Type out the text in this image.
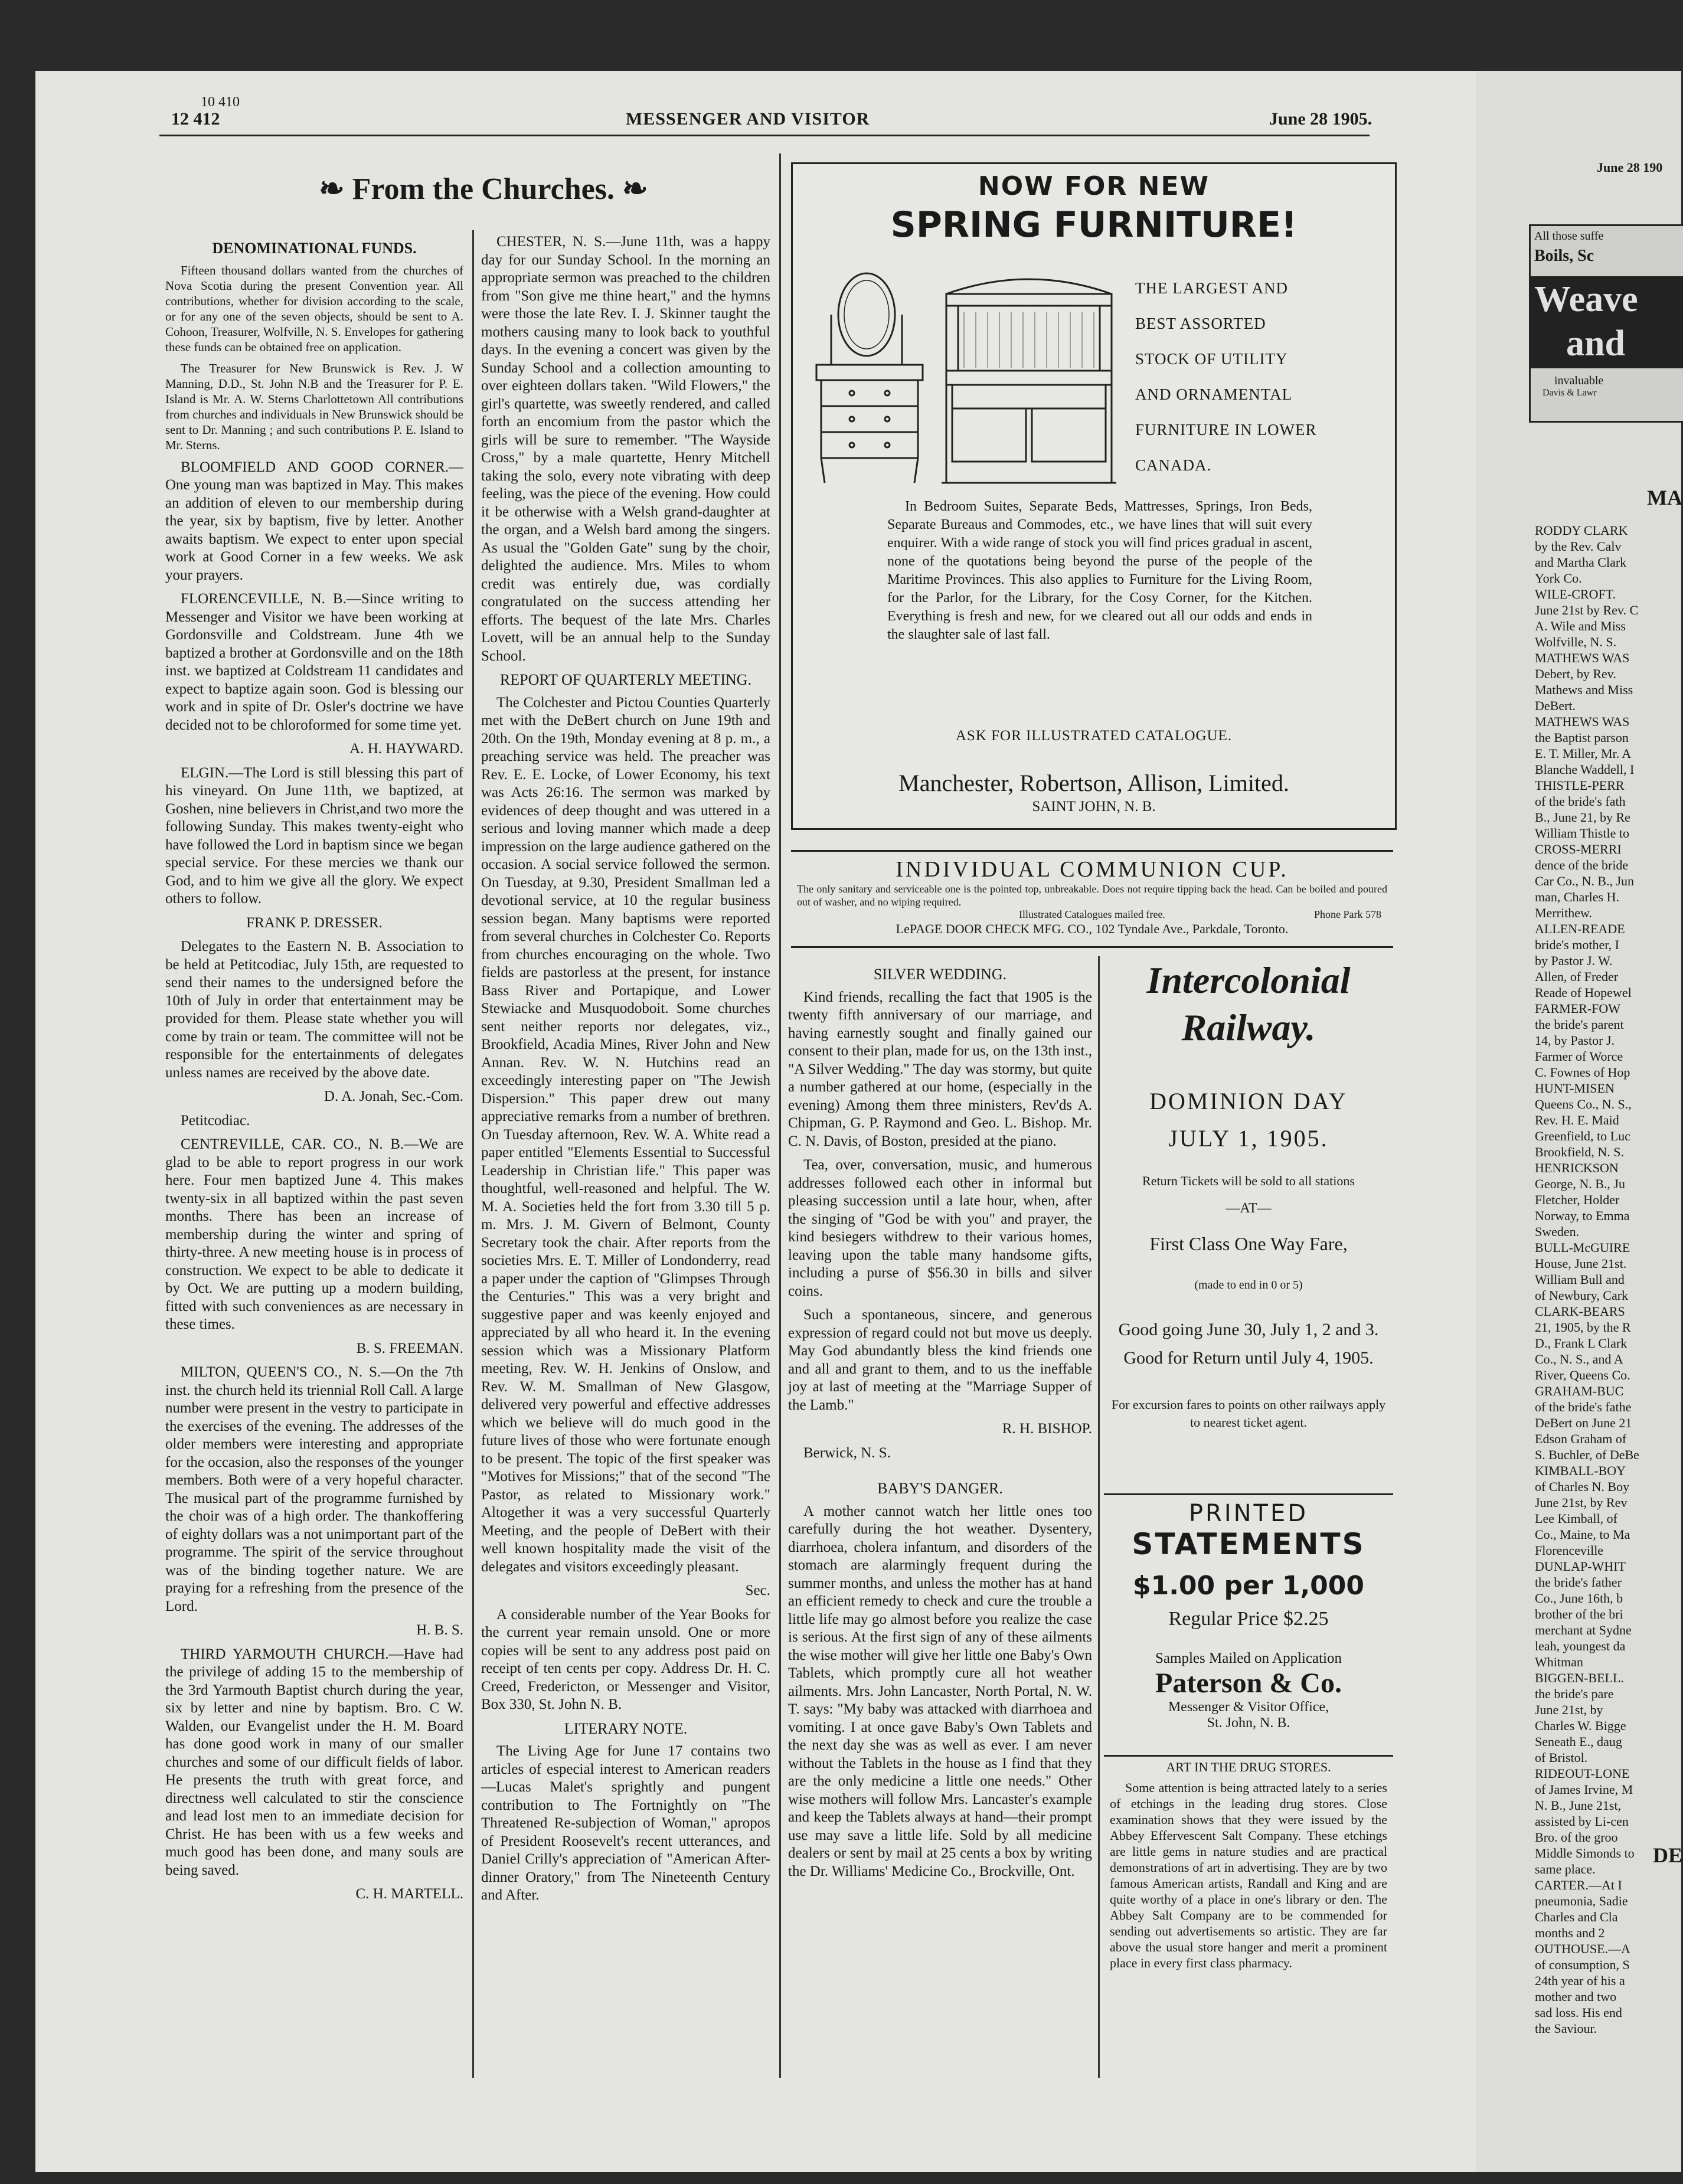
10 410
12 412	MESSENGER AND VISITOR	June 28 1905.
❧ From the Churches. ❧
DENOMINATIONAL FUNDS.

Fifteen thousand dollars wanted from the churches of Nova Scotia during the present Convention year. All contributions, whether for division according to the scale, or for any one of the seven objects, should be sent to A. Cohoon, Treasurer, Wolfville, N. S. Envelopes for gathering these funds can be obtained free on application.

The Treasurer for New Brunswick is Rev. J. W Manning, D.D., St. John N.B and the Treasurer for P. E. Island is Mr. A. W. Sterns Charlottetown All contributions from churches and individuals in New Brunswick should be sent to Dr. Manning ; and such contributions P. E. Island to Mr. Sterns.

BLOOMFIELD AND GOOD CORNER.—One young man was baptized in May. This makes an addition of eleven to our membership during the year, six by baptism, five by letter. Another awaits baptism. We expect to enter upon special work at Good Corner in a few weeks. We ask your prayers.

FLORENCEVILLE, N. B.—Since writing to Messenger and Visitor we have been working at Gordonsville and Coldstream. June 4th we baptized a brother at Gordonsville and on the 18th inst. we baptized at Coldstream 11 candidates and expect to baptize again soon. God is blessing our work and in spite of Dr. Osler's doctrine we have decided not to be chloroformed for some time yet.

A. H. HAYWARD.

ELGIN.—The Lord is still blessing this part of his vineyard. On June 11th, we baptized, at Goshen, nine believers in Christ,and two more the following Sunday. This makes twenty-eight who have followed the Lord in baptism since we began special service. For these mercies we thank our God, and to him we give all the glory. We expect others to follow.

FRANK P. DRESSER.

Delegates to the Eastern N. B. Association to be held at Petitcodiac, July 15th, are requested to send their names to the undersigned before the 10th of July in order that entertainment may be provided for them. Please state whether you will come by train or team. The committee will not be responsible for the entertainments of delegates unless names are received by the above date.

D. A. Jonah, Sec.-Com.

Petitcodiac.

CENTREVILLE, CAR. CO., N. B.—We are glad to be able to report progress in our work here. Four men baptized June 4. This makes twenty-six in all baptized within the past seven months. There has been an increase of membership during the winter and spring of thirty-three. A new meeting house is in process of construction. We expect to be able to dedicate it by Oct. We are putting up a modern building, fitted with such conveniences as are necessary in these times.

B. S. FREEMAN.

MILTON, QUEEN'S CO., N. S.—On the 7th inst. the church held its triennial Roll Call. A large number were present in the vestry to participate in the exercises of the evening. The addresses of the older members were interesting and appropriate for the occasion, also the responses of the younger members. Both were of a very hopeful character. The musical part of the programme furnished by the choir was of a high order. The thankoffering of eighty dollars was a not unimportant part of the programme. The spirit of the service throughout was of the binding together nature. We are praying for a refreshing from the presence of the Lord.

H. B. S.

THIRD YARMOUTH CHURCH.—Have had the privilege of adding 15 to the membership of the 3rd Yarmouth Baptist church during the year, six by letter and nine by baptism. Bro. C W. Walden, our Evangelist under the H. M. Board has done good work in many of our smaller churches and some of our difficult fields of labor. He presents the truth with great force, and directness well calculated to stir the conscience and lead lost men to an immediate decision for Christ. He has been with us a few weeks and much good has been done, and many souls are being saved.

C. H. MARTELL.

CHESTER, N. S.—June 11th, was a happy day for our Sunday School. In the morning an appropriate sermon was preached to the children from "Son give me thine heart," and the hymns were those the late Rev. I. J. Skinner taught the mothers causing many to look back to youthful days. In the evening a concert was given by the Sunday School and a collection amounting to over eighteen dollars taken. "Wild Flowers," the girl's quartette, was sweetly rendered, and called forth an encomium from the pastor which the girls will be sure to remember. "The Wayside Cross," by a male quartette, Henry Mitchell taking the solo, every note vibrating with deep feeling, was the piece of the evening. How could it be otherwise with a Welsh grand-daughter at the organ, and a Welsh bard among the singers. As usual the "Golden Gate" sung by the choir, delighted the audience. Mrs. Miles to whom credit was entirely due, was cordially congratulated on the success attending her efforts. The bequest of the late Mrs. Charles Lovett, will be an annual help to the Sunday School.

REPORT OF QUARTERLY MEETING.

The Colchester and Pictou Counties Quarterly met with the DeBert church on June 19th and 20th. On the 19th, Monday evening at 8 p. m., a preaching service was held. The preacher was Rev. E. E. Locke, of Lower Economy, his text was Acts 26:16. The sermon was marked by evidences of deep thought and was uttered in a serious and loving manner which made a deep impression on the large audience gathered on the occasion. A social service followed the sermon. On Tuesday, at 9.30, President Smallman led a devotional service, at 10 the regular business session began. Many baptisms were reported from several churches in Colchester Co. Reports from churches encouraging on the whole. Two fields are pastorless at the present, for instance Bass River and Portapique, and Lower Stewiacke and Musquodoboit. Some churches sent neither reports nor delegates, viz., Brookfield, Acadia Mines, River John and New Annan. Rev. W. N. Hutchins read an exceedingly interesting paper on "The Jewish Dispersion." This paper drew out many appreciative remarks from a number of brethren. On Tuesday afternoon, Rev. W. A. White read a paper entitled "Elements Essential to Successful Leadership in Christian life." This paper was thoughtful, well-reasoned and helpful. The W. M. A. Societies held the fort from 3.30 till 5 p. m. Mrs. J. M. Givern of Belmont, County Secretary took the chair. After reports from the societies Mrs. E. T. Miller of Londonderry, read a paper under the caption of "Glimpses Through the Centuries." This was a very bright and suggestive paper and was keenly enjoyed and appreciated by all who heard it. In the evening session which was a Missionary Platform meeting, Rev. W. H. Jenkins of Onslow, and Rev. W. M. Smallman of New Glasgow, delivered very powerful and effective addresses which we believe will do much good in the future lives of those who were fortunate enough to be present. The topic of the first speaker was "Motives for Missions;" that of the second "The Pastor, as related to Missionary work." Altogether it was a very successful Quarterly Meeting, and the people of DeBert with their well known hospitality made the visit of the delegates and visitors exceedingly pleasant.

Sec.

A considerable number of the Year Books for the current year remain unsold. One or more copies will be sent to any address post paid on receipt of ten cents per copy. Address Dr. H. C. Creed, Fredericton, or Messenger and Visitor, Box 330, St. John N. B.

LITERARY NOTE.

The Living Age for June 17 contains two articles of especial interest to American readers—Lucas Malet's sprightly and pungent contribution to The Fortnightly on "The Threatened Re-subjection of Woman," apropos of President Roosevelt's recent utterances, and Daniel Crilly's appreciation of "American After-dinner Oratory," from The Nineteenth Century and After.

NOW FOR NEW
SPRING FURNITURE!
THE LARGEST AND
BEST ASSORTED
STOCK OF UTILITY
AND ORNAMENTAL
FURNITURE IN LOWER
CANADA.
In Bedroom Suites, Separate Beds, Mattresses, Springs, Iron Beds, Separate Bureaus and Commodes, etc., we have lines that will suit every enquirer. With a wide range of stock you will find prices gradual in ascent, none of the quotations being beyond the purse of the people of the Maritime Provinces. This also applies to Furniture for the Living Room, for the Parlor, for the Library, for the Cosy Corner, for the Kitchen. Everything is fresh and new, for we cleared out all our odds and ends in the slaughter sale of last fall.
ASK FOR ILLUSTRATED CATALOGUE.
Manchester, Robertson, Allison, Limited.
SAINT JOHN, N. B.
INDIVIDUAL COMMUNION CUP.
The only sanitary and serviceable one is the pointed top, unbreakable. Does not require tipping back the head. Can be boiled and poured out of washer, and no wiping required.
Illustrated Catalogues mailed free.	Phone Park 578
LePAGE DOOR CHECK MFG. CO., 102 Tyndale Ave., Parkdale, Toronto.
SILVER WEDDING.

Kind friends, recalling the fact that 1905 is the twenty fifth anniversary of our marriage, and having earnestly sought and finally gained our consent to their plan, made for us, on the 13th inst., "A Silver Wedding." The day was stormy, but quite a number gathered at our home, (especially in the evening) Among them three ministers, Rev'ds A. Chipman, G. P. Raymond and Geo. L. Bishop. Mr. C. N. Davis, of Boston, presided at the piano.

Tea, over, conversation, music, and humerous addresses followed each other in informal but pleasing succession until a late hour, when, after the singing of "God be with you" and prayer, the kind besiegers withdrew to their various homes, leaving upon the table many handsome gifts, including a purse of $56.30 in bills and silver coins.

Such a spontaneous, sincere, and generous expression of regard could not but move us deeply. May God abundantly bless the kind friends one and all and grant to them, and to us the ineffable joy at last of meeting at the "Marriage Supper of the Lamb."

R. H. BISHOP.

Berwick, N. S.

BABY'S DANGER.

A mother cannot watch her little ones too carefully during the hot weather. Dysentery, diarrhoea, cholera infantum, and disorders of the stomach are alarmingly frequent during the summer months, and unless the mother has at hand an efficient remedy to check and cure the trouble a little life may go almost before you realize the case is serious. At the first sign of any of these ailments the wise mother will give her little one Baby's Own Tablets, which promptly cure all hot weather ailments. Mrs. John Lancaster, North Portal, N. W. T. says: "My baby was attacked with diarrhoea and vomiting. I at once gave Baby's Own Tablets and the next day she was as well as ever. I am never without the Tablets in the house as I find that they are the only medicine a little one needs." Other wise mothers will follow Mrs. Lancaster's example and keep the Tablets always at hand—their prompt use may save a little life. Sold by all medicine dealers or sent by mail at 25 cents a box by writing the Dr. Williams' Medicine Co., Brockville, Ont.

Intercolonial
Railway.
DOMINION DAY
JULY 1, 1905.
Return Tickets will be sold to all stations
—AT—
First Class One Way Fare,
(made to end in 0 or 5)
Good going June 30, July 1, 2 and 3. Good for Return until July 4, 1905.
For excursion fares to points on other railways apply to nearest ticket agent.
PRINTED
STATEMENTS
$1.00 per 1,000
Regular Price $2.25
Samples Mailed on Application
Paterson & Co.
Messenger & Visitor Office,
St. John, N. B.
ART IN THE DRUG STORES.

Some attention is being attracted lately to a series of etchings in the leading drug stores. Close examination shows that they were issued by the Abbey Effervescent Salt Company. These etchings are little gems in nature studies and are practical demonstrations of art in advertising. They are by two famous American artists, Randall and King and are quite worthy of a place in one's library or den. The Abbey Salt Company are to be commended for sending out advertisements so artistic. They are far above the usual store hanger and merit a prominent place in every first class pharmacy.

June 28 190
All those suffe
Boils, Sc
Weave
and
invaluable
Davis & Lawr
MA
RODDY CLARK
by the Rev. Calv
and Martha Clark
York Co.
WILE-CROFT.
June 21st by Rev. C
A. Wile and Miss
Wolfville, N. S.
MATHEWS WAS
Debert, by Rev.
Mathews and Miss
DeBert.
MATHEWS WAS
the Baptist parson
E. T. Miller, Mr. A
Blanche Waddell, I
THISTLE-PERR
of the bride's fath
B., June 21, by Re
William Thistle to
CROSS-MERRI
dence of the bride
Car Co., N. B., Jun
man, Charles H.
Merrithew.
ALLEN-READE
bride's mother, I
by Pastor J. W.
Allen, of Freder
Reade of Hopewel
FARMER-FOW
the bride's parent
14, by Pastor J.
Farmer of Worce
C. Fownes of Hop
HUNT-MISEN
Queens Co., N. S.,
Rev. H. E. Maid
Greenfield, to Luc
Brookfield, N. S.
HENRICKSON
George, N. B., Ju
Fletcher, Holder
Norway, to Emma
Sweden.
BULL-McGUIRE
House, June 21st.
William Bull and
of Newbury, Cark
CLARK-BEARS
21, 1905, by the R
D., Frank L Clark
Co., N. S., and A
River, Queens Co.
GRAHAM-BUC
of the bride's fathe
DeBert on June 21
Edson Graham of
S. Buchler, of DeBe
KIMBALL-BOY
of Charles N. Boy
June 21st, by Rev
Lee Kimball, of
Co., Maine, to Ma
Florenceville
DUNLAP-WHIT
the bride's father
Co., June 16th, b
brother of the bri
merchant at Sydne
leah, youngest da
Whitman
BIGGEN-BELL.
the bride's pare
June 21st, by
Charles W. Bigge
Seneath E., daug
of Bristol.
RIDEOUT-LONE
of James Irvine, M
N. B., June 21st,
assisted by Li-cen
Bro. of the groo
Middle Simonds to
same place.
DE
CARTER.—At I
pneumonia, Sadie
Charles and Cla
months and 2
OUTHOUSE.—A
of consumption, S
24th year of his a
mother and two
sad loss. His end
the Saviour.
